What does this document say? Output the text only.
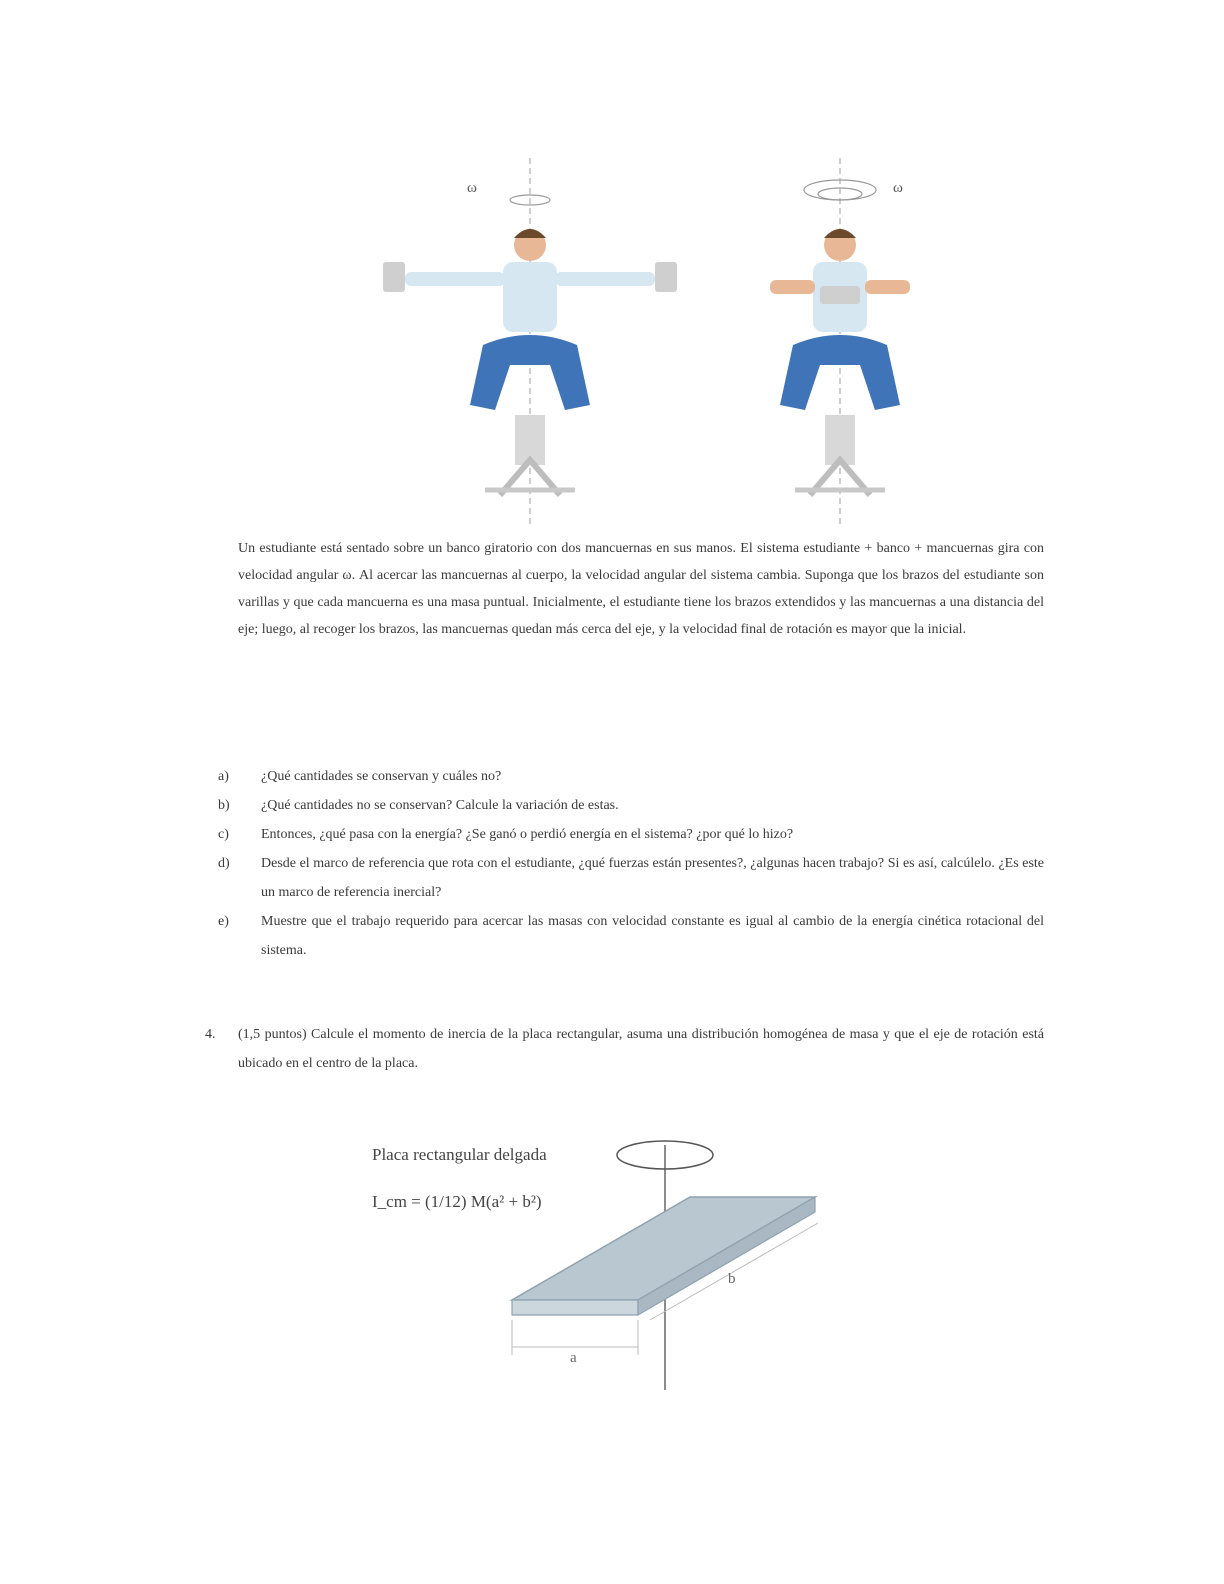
ω	ω
Un estudiante está sentado sobre un banco giratorio con dos mancuernas en sus manos. El sistema estudiante + banco + mancuernas gira con velocidad angular ω. Al acercar las mancuernas al cuerpo, la velocidad angular del sistema cambia. Suponga que los brazos del estudiante son varillas y que cada mancuerna es una masa puntual. Inicialmente, el estudiante tiene los brazos extendidos y las mancuernas a una distancia del eje; luego, al recoger los brazos, las mancuernas quedan más cerca del eje, y la velocidad final de rotación es mayor que la inicial.
a)	¿Qué cantidades se conservan y cuáles no?
b)	¿Qué cantidades no se conservan? Calcule la variación de estas.
c)	Entonces, ¿qué pasa con la energía? ¿Se ganó o perdió energía en el sistema? ¿por qué lo hizo?
d)	Desde el marco de referencia que rota con el estudiante, ¿qué fuerzas están presentes?, ¿algunas hacen trabajo? Si es así, calcúlelo. ¿Es este un marco de referencia inercial?
e)	Muestre que el trabajo requerido para acercar las masas con velocidad constante es igual al cambio de la energía cinética rotacional del sistema.
4.	(1,5 puntos) Calcule el momento de inercia de la placa rectangular, asuma una distribución homogénea de masa y que el eje de rotación está ubicado en el centro de la placa.
Placa rectangular delgada
I_cm = (1/12) M(a² + b²)
a
b
